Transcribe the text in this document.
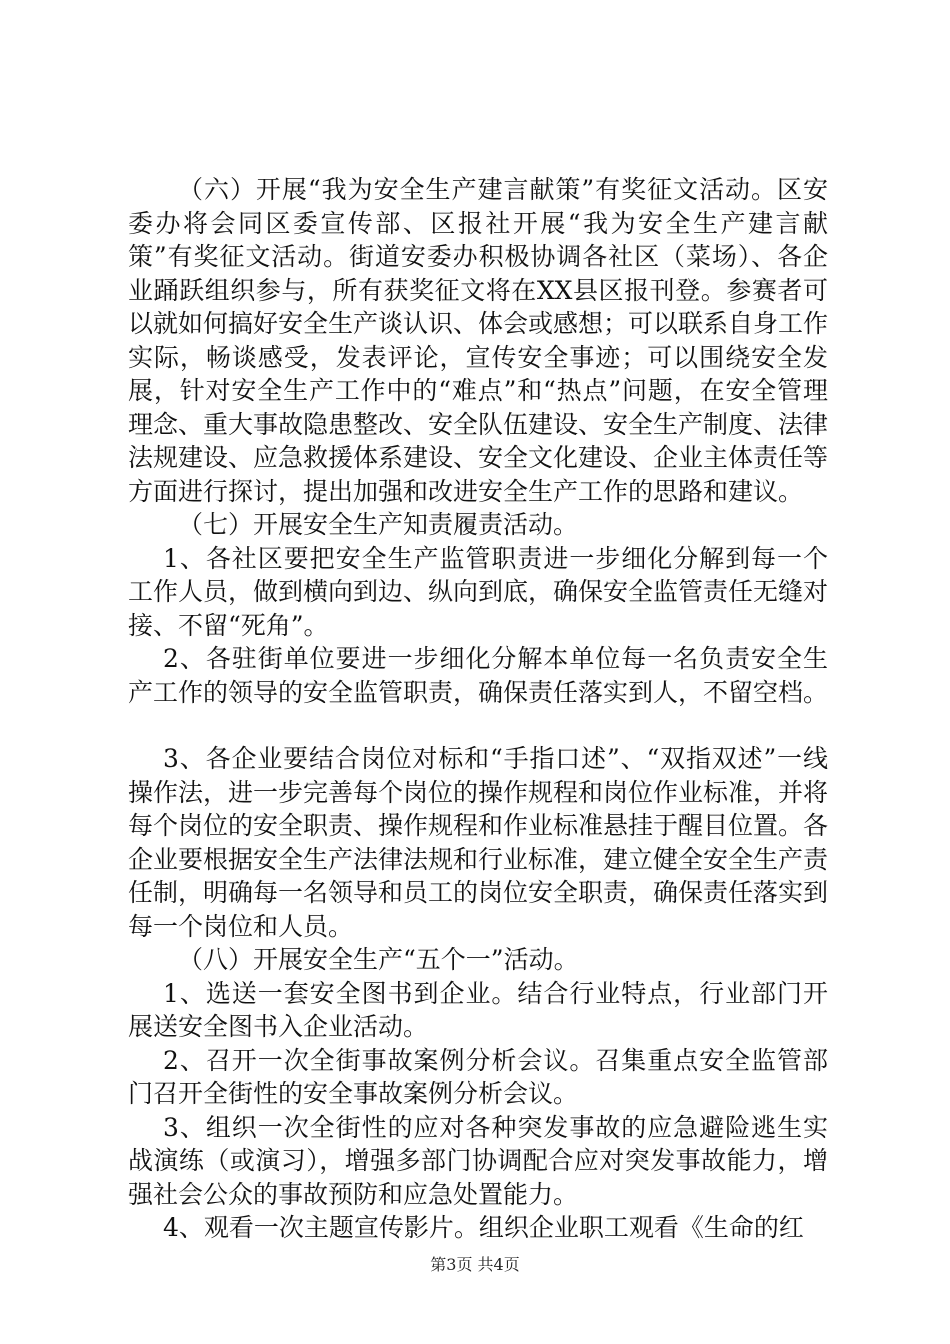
（六）开展“我为安全生产建言献策”有奖征文活动。区安委办将会同区委宣传部、区报社开展“我为安全生产建言献策”有奖征文活动。街道安委办积极协调各社区（菜场）、各企业踊跃组织参与，所有获奖征文将在XX县区报刊登。参赛者可以就如何搞好安全生产谈认识、体会或感想；可以联系自身工作实际，畅谈感受，发表评论，宣传安全事迹；可以围绕安全发展，针对安全生产工作中的“难点”和“热点”问题，在安全管理理念、重大事故隐患整改、安全队伍建设、安全生产制度、法律法规建设、应急救援体系建设、安全文化建设、企业主体责任等方面进行探讨，提出加强和改进安全生产工作的思路和建议。

（七）开展安全生产知责履责活动。

1、各社区要把安全生产监管职责进一步细化分解到每一个工作人员，做到横向到边、纵向到底，确保安全监管责任无缝对接、不留“死角”。

2、各驻街单位要进一步细化分解本单位每一名负责安全生产工作的领导的安全监管职责，确保责任落实到人，不留空档。

3、各企业要结合岗位对标和“手指口述”、“双指双述”一线操作法，进一步完善每个岗位的操作规程和岗位作业标准，并将每个岗位的安全职责、操作规程和作业标准悬挂于醒目位置。各企业要根据安全生产法律法规和行业标准，建立健全安全生产责任制，明确每一名领导和员工的岗位安全职责，确保责任落实到每一个岗位和人员。

（八）开展安全生产“五个一”活动。

1、选送一套安全图书到企业。结合行业特点，行业部门开展送安全图书入企业活动。

2、召开一次全街事故案例分析会议。召集重点安全监管部门召开全街性的安全事故案例分析会议。

3、组织一次全街性的应对各种突发事故的应急避险逃生实战演练（或演习），增强多部门协调配合应对突发事故能力，增强社会公众的事故预防和应急处置能力。

4、观看一次主题宣传影片。组织企业职工观看《生命的红

第3页 共4页
